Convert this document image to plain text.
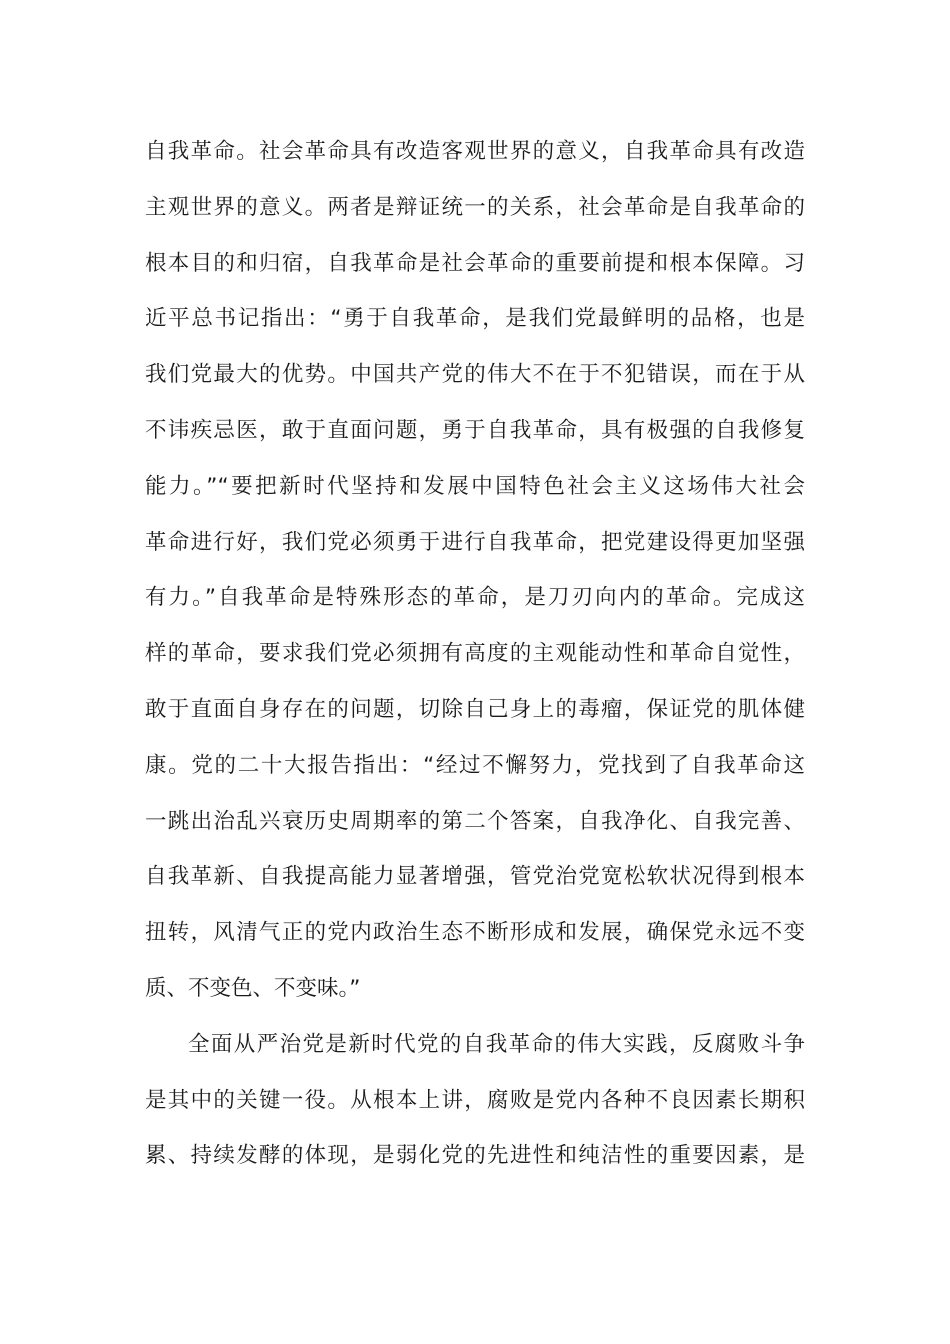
自我革命。社会革命具有改造客观世界的意义，自我革命具有改造
主观世界的意义。两者是辩证统一的关系，社会革命是自我革命的
根本目的和归宿，自我革命是社会革命的重要前提和根本保障。习
近平总书记指出：“勇于自我革命，是我们党最鲜明的品格，也是
我们党最大的优势。中国共产党的伟大不在于不犯错误，而在于从
不讳疾忌医，敢于直面问题，勇于自我革命，具有极强的自我修复
能力。”“要把新时代坚持和发展中国特色社会主义这场伟大社会
革命进行好，我们党必须勇于进行自我革命，把党建设得更加坚强
有力。”自我革命是特殊形态的革命，是刀刃向内的革命。完成这
样的革命，要求我们党必须拥有高度的主观能动性和革命自觉性，
敢于直面自身存在的问题，切除自己身上的毒瘤，保证党的肌体健
康。党的二十大报告指出：“经过不懈努力，党找到了自我革命这
一跳出治乱兴衰历史周期率的第二个答案，自我净化、自我完善、
自我革新、自我提高能力显著增强，管党治党宽松软状况得到根本
扭转，风清气正的党内政治生态不断形成和发展，确保党永远不变
质、不变色、不变味。”
全面从严治党是新时代党的自我革命的伟大实践，反腐败斗争
是其中的关键一役。从根本上讲，腐败是党内各种不良因素长期积
累、持续发酵的体现，是弱化党的先进性和纯洁性的重要因素，是
